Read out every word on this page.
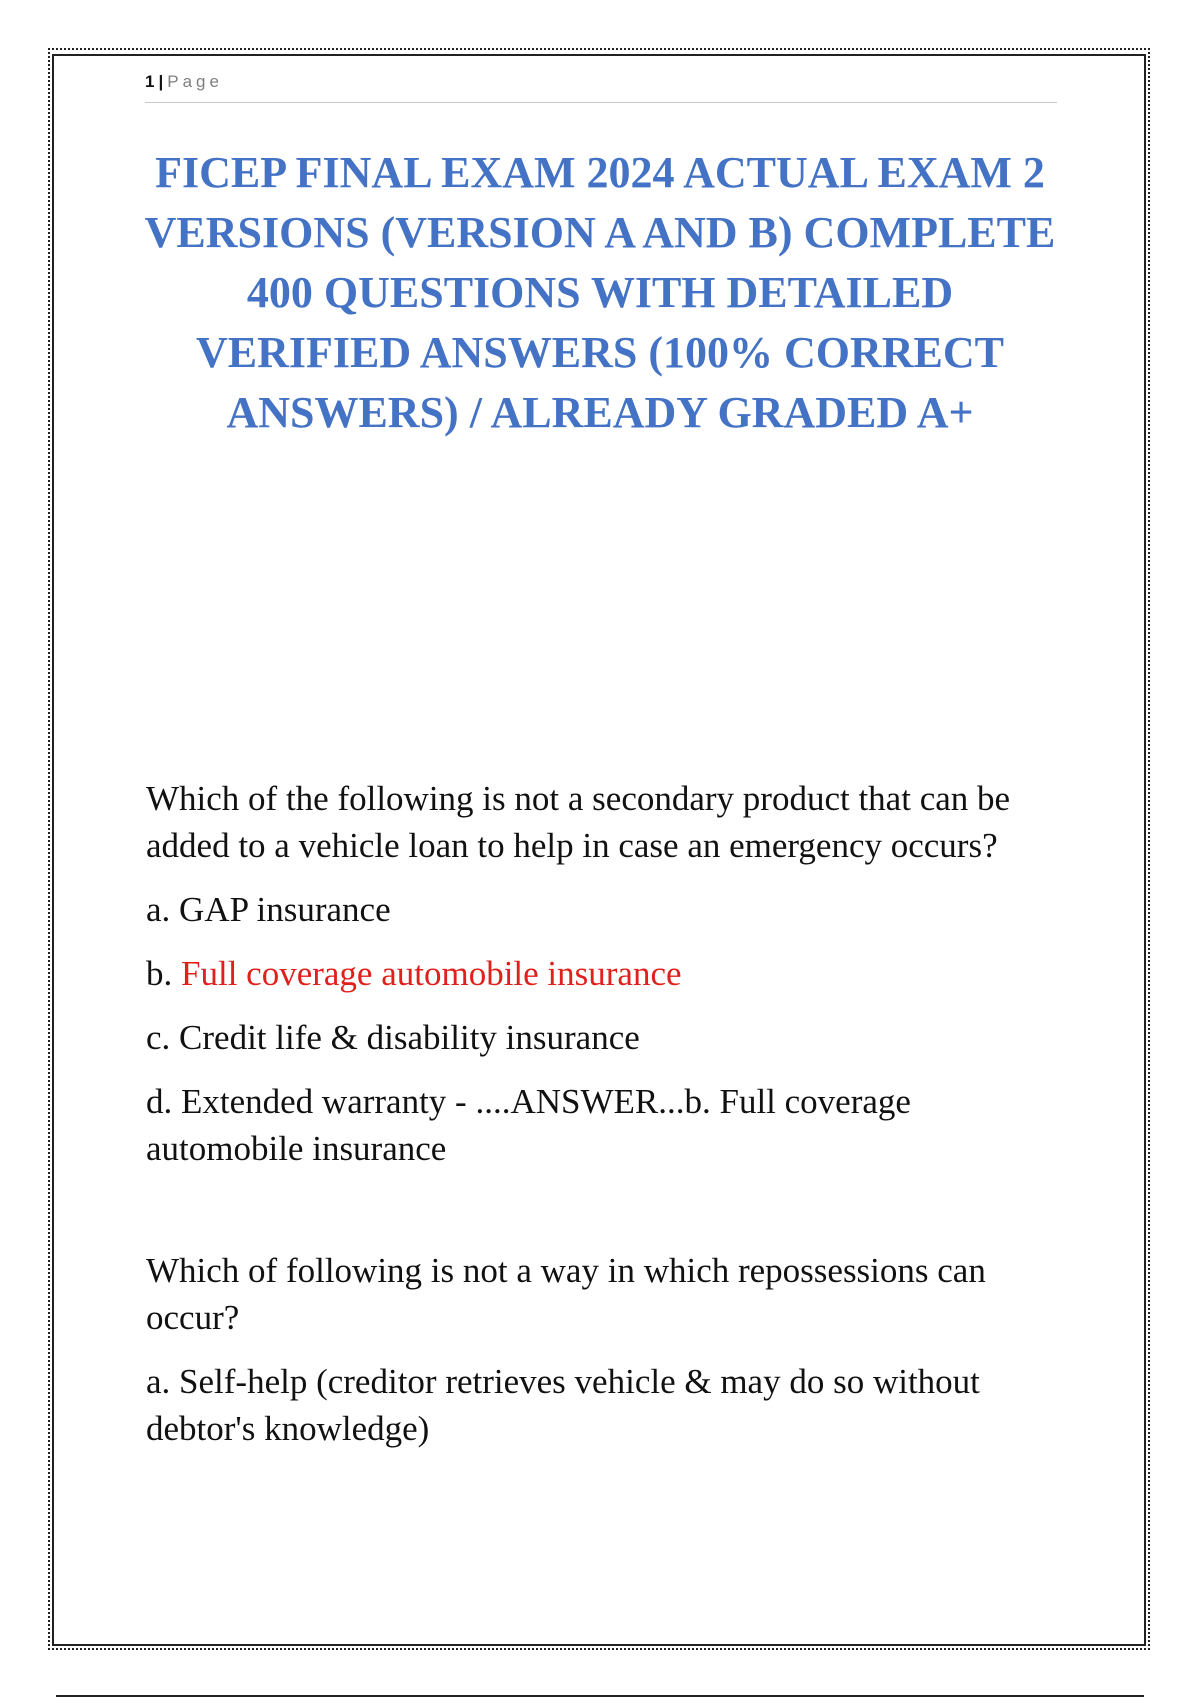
1 | Page
FICEP FINAL EXAM 2024 ACTUAL EXAM 2 VERSIONS (VERSION A AND B) COMPLETE 400 QUESTIONS WITH DETAILED VERIFIED ANSWERS (100% CORRECT ANSWERS) / ALREADY GRADED A+

Which of the following is not a secondary product that can be added to a vehicle loan to help in case an emergency occurs?

a. GAP insurance

b. Full coverage automobile insurance

c. Credit life & disability insurance

d. Extended warranty - ....ANSWER...b. Full coverage automobile insurance

Which of following is not a way in which repossessions can occur?

a. Self-help (creditor retrieves vehicle & may do so without debtor's knowledge)
